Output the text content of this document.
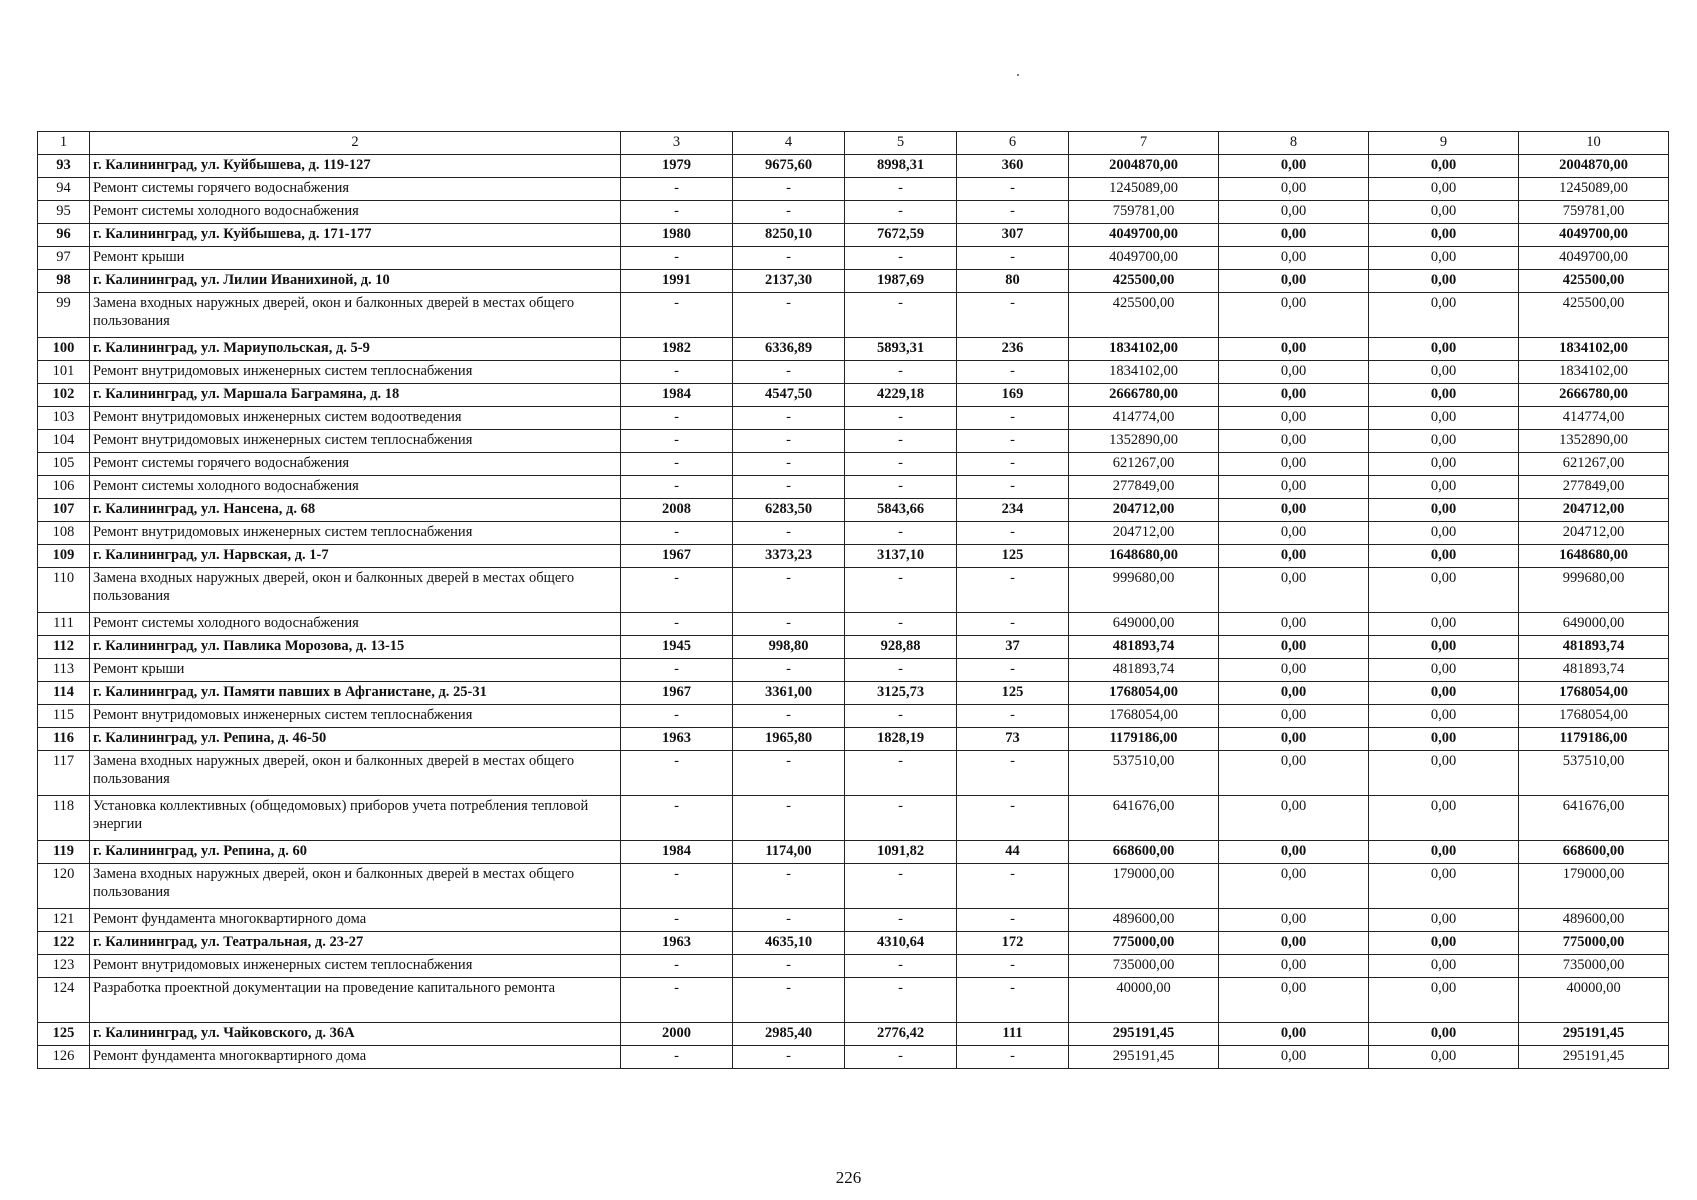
1	2	3	4	5	6	7	8	9	10
93	г. Калининград, ул. Куйбышева, д. 119-127	1979	9675,60	8998,31	360	2004870,00	0,00	0,00	2004870,00
94	Ремонт системы горячего водоснабжения	-	-	-	-	1245089,00	0,00	0,00	1245089,00
95	Ремонт системы холодного водоснабжения	-	-	-	-	759781,00	0,00	0,00	759781,00
96	г. Калининград, ул. Куйбышева, д. 171-177	1980	8250,10	7672,59	307	4049700,00	0,00	0,00	4049700,00
97	Ремонт крыши	-	-	-	-	4049700,00	0,00	0,00	4049700,00
98	г. Калининград, ул. Лилии Иванихиной, д. 10	1991	2137,30	1987,69	80	425500,00	0,00	0,00	425500,00
99	Замена входных наружных дверей, окон и балконных дверей в местах общего пользования	-	-	-	-	425500,00	0,00	0,00	425500,00
100	г. Калининград, ул. Мариупольская, д. 5-9	1982	6336,89	5893,31	236	1834102,00	0,00	0,00	1834102,00
101	Ремонт внутридомовых инженерных систем теплоснабжения	-	-	-	-	1834102,00	0,00	0,00	1834102,00
102	г. Калининград, ул. Маршала Баграмяна, д. 18	1984	4547,50	4229,18	169	2666780,00	0,00	0,00	2666780,00
103	Ремонт внутридомовых инженерных систем водоотведения	-	-	-	-	414774,00	0,00	0,00	414774,00
104	Ремонт внутридомовых инженерных систем теплоснабжения	-	-	-	-	1352890,00	0,00	0,00	1352890,00
105	Ремонт системы горячего водоснабжения	-	-	-	-	621267,00	0,00	0,00	621267,00
106	Ремонт системы холодного водоснабжения	-	-	-	-	277849,00	0,00	0,00	277849,00
107	г. Калининград, ул. Нансена, д. 68	2008	6283,50	5843,66	234	204712,00	0,00	0,00	204712,00
108	Ремонт внутридомовых инженерных систем теплоснабжения	-	-	-	-	204712,00	0,00	0,00	204712,00
109	г. Калининград, ул. Нарвская, д. 1-7	1967	3373,23	3137,10	125	1648680,00	0,00	0,00	1648680,00
110	Замена входных наружных дверей, окон и балконных дверей в местах общего пользования	-	-	-	-	999680,00	0,00	0,00	999680,00
111	Ремонт системы холодного водоснабжения	-	-	-	-	649000,00	0,00	0,00	649000,00
112	г. Калининград, ул. Павлика Морозова, д. 13-15	1945	998,80	928,88	37	481893,74	0,00	0,00	481893,74
113	Ремонт крыши	-	-	-	-	481893,74	0,00	0,00	481893,74
114	г. Калининград, ул. Памяти павших в Афганистане, д. 25-31	1967	3361,00	3125,73	125	1768054,00	0,00	0,00	1768054,00
115	Ремонт внутридомовых инженерных систем теплоснабжения	-	-	-	-	1768054,00	0,00	0,00	1768054,00
116	г. Калининград, ул. Репина, д. 46-50	1963	1965,80	1828,19	73	1179186,00	0,00	0,00	1179186,00
117	Замена входных наружных дверей, окон и балконных дверей в местах общего пользования	-	-	-	-	537510,00	0,00	0,00	537510,00
118	Установка коллективных (общедомовых) приборов учета потребления тепловой энергии	-	-	-	-	641676,00	0,00	0,00	641676,00
119	г. Калининград, ул. Репина, д. 60	1984	1174,00	1091,82	44	668600,00	0,00	0,00	668600,00
120	Замена входных наружных дверей, окон и балконных дверей в местах общего пользования	-	-	-	-	179000,00	0,00	0,00	179000,00
121	Ремонт фундамента многоквартирного дома	-	-	-	-	489600,00	0,00	0,00	489600,00
122	г. Калининград, ул. Театральная, д. 23-27	1963	4635,10	4310,64	172	775000,00	0,00	0,00	775000,00
123	Ремонт внутридомовых инженерных систем теплоснабжения	-	-	-	-	735000,00	0,00	0,00	735000,00
124	Разработка проектной документации на проведение капитального ремонта	-	-	-	-	40000,00	0,00	0,00	40000,00
125	г. Калининград, ул. Чайковского, д. 36А	2000	2985,40	2776,42	111	295191,45	0,00	0,00	295191,45
126	Ремонт фундамента многоквартирного дома	-	-	-	-	295191,45	0,00	0,00	295191,45
226
